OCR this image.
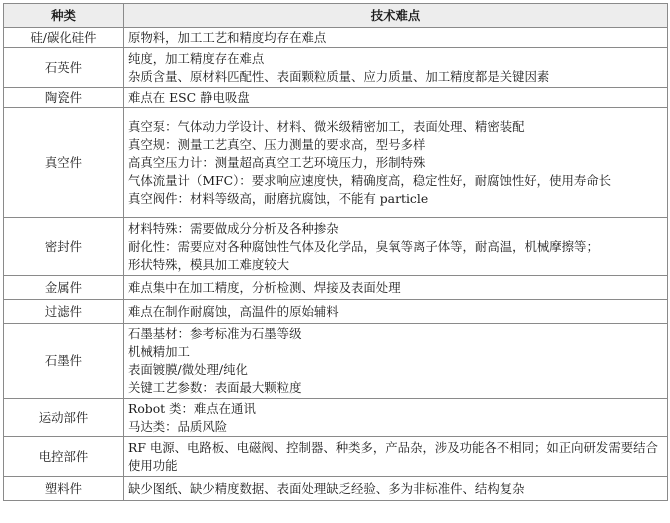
种类	技术难点
硅/碳化硅件	原物料，加工工艺和精度均存在难点

石英件	纯度，加工精度存在难点
杂质含量、原材料匹配性、表面颗粒质量、应力质量、加工精度都是关键因素

陶瓷件	难点在 ESC 静电吸盘

真空件	真空泵：气体动力学设计、材料、微米级精密加工，表面处理、精密装配
真空规：测量工艺真空、压力测量的要求高，型号多样
高真空压力计：测量超高真空工艺环境压力，形制特殊
气体流量计（MFC）：要求响应速度快，精确度高，稳定性好，耐腐蚀性好，使用寿命长
真空阀件：材料等级高，耐磨抗腐蚀，不能有 particle

密封件	材料特殊：需要做成分分析及各种掺杂
耐化性：需要应对各种腐蚀性气体及化学品，臭氧等离子体等，耐高温，机械摩擦等；
形状特殊，模具加工难度较大

金属件	难点集中在加工精度，分析检测、焊接及表面处理

过滤件	难点在制作耐腐蚀，高温件的原始辅料

石墨件	石墨基材：参考标准为石墨等级
机械精加工
表面镀膜/微处理/纯化
关键工艺参数：表面最大颗粒度

运动部件	Robot 类：难点在通讯
马达类：品质风险

电控部件	RF 电源、电路板、电磁阀、控制器、种类多，产品杂，涉及功能各不相同；如正向研发需要结合使用功能

塑料件	缺少图纸、缺少精度数据、表面处理缺乏经验、多为非标准件、结构复杂
